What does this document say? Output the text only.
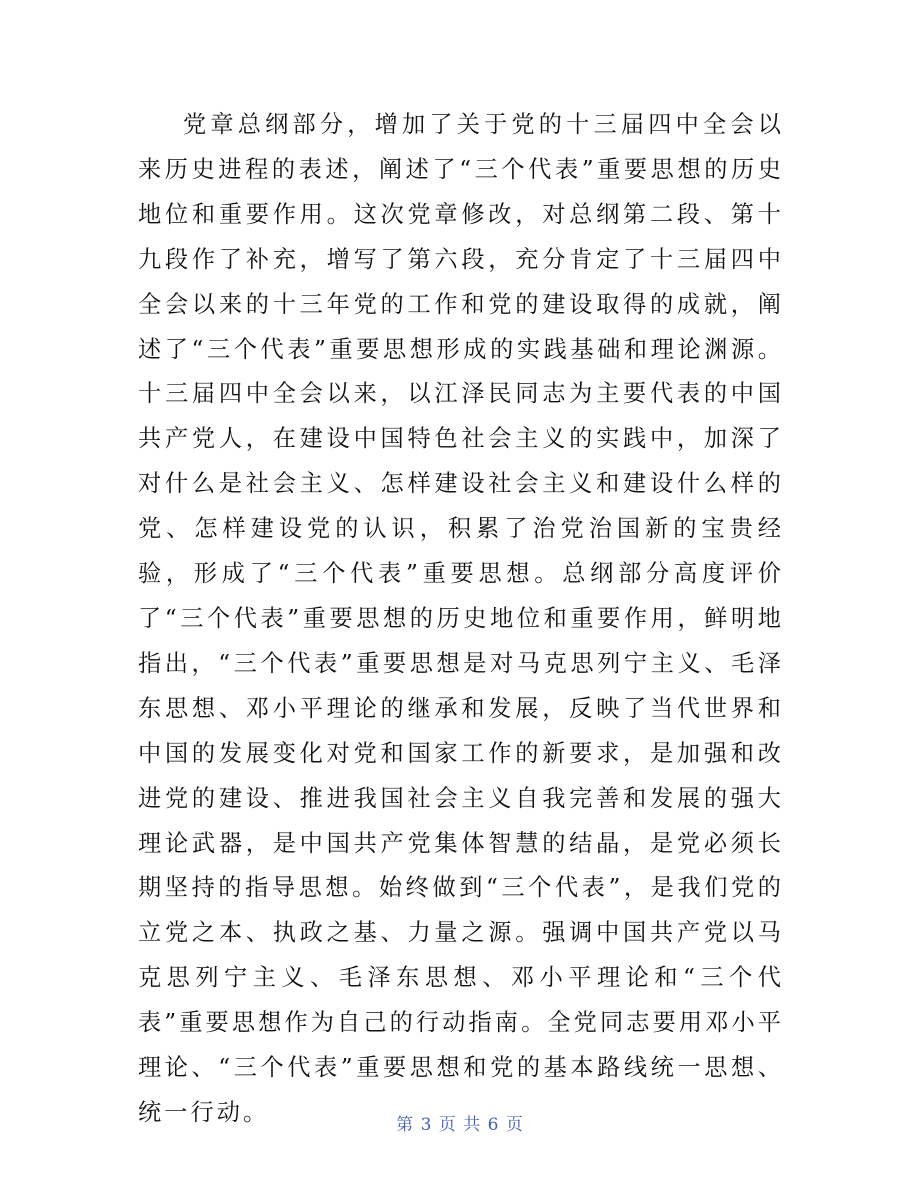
党章总纲部分，增加了关于党的十三届四中全会以来历史进程的表述，阐述了“三个代表”重要思想的历史地位和重要作用。这次党章修改，对总纲第二段、第十九段作了补充，增写了第六段，充分肯定了十三届四中全会以来的十三年党的工作和党的建设取得的成就，阐述了“三个代表”重要思想形成的实践基础和理论渊源。十三届四中全会以来，以江泽民同志为主要代表的中国共产党人，在建设中国特色社会主义的实践中，加深了对什么是社会主义、怎样建设社会主义和建设什么样的党、怎样建设党的认识，积累了治党治国新的宝贵经验，形成了“三个代表”重要思想。总纲部分高度评价了“三个代表”重要思想的历史地位和重要作用，鲜明地指出，“三个代表”重要思想是对马克思列宁主义、毛泽东思想、邓小平理论的继承和发展，反映了当代世界和中国的发展变化对党和国家工作的新要求，是加强和改进党的建设、推进我国社会主义自我完善和发展的强大理论武器，是中国共产党集体智慧的结晶，是党必须长期坚持的指导思想。始终做到“三个代表”，是我们党的立党之本、执政之基、力量之源。强调中国共产党以马克思列宁主义、毛泽东思想、邓小平理论和“三个代表”重要思想作为自己的行动指南。全党同志要用邓小平理论、“三个代表”重要思想和党的基本路线统一思想、统一行动。	第 3 页 共 6 页
